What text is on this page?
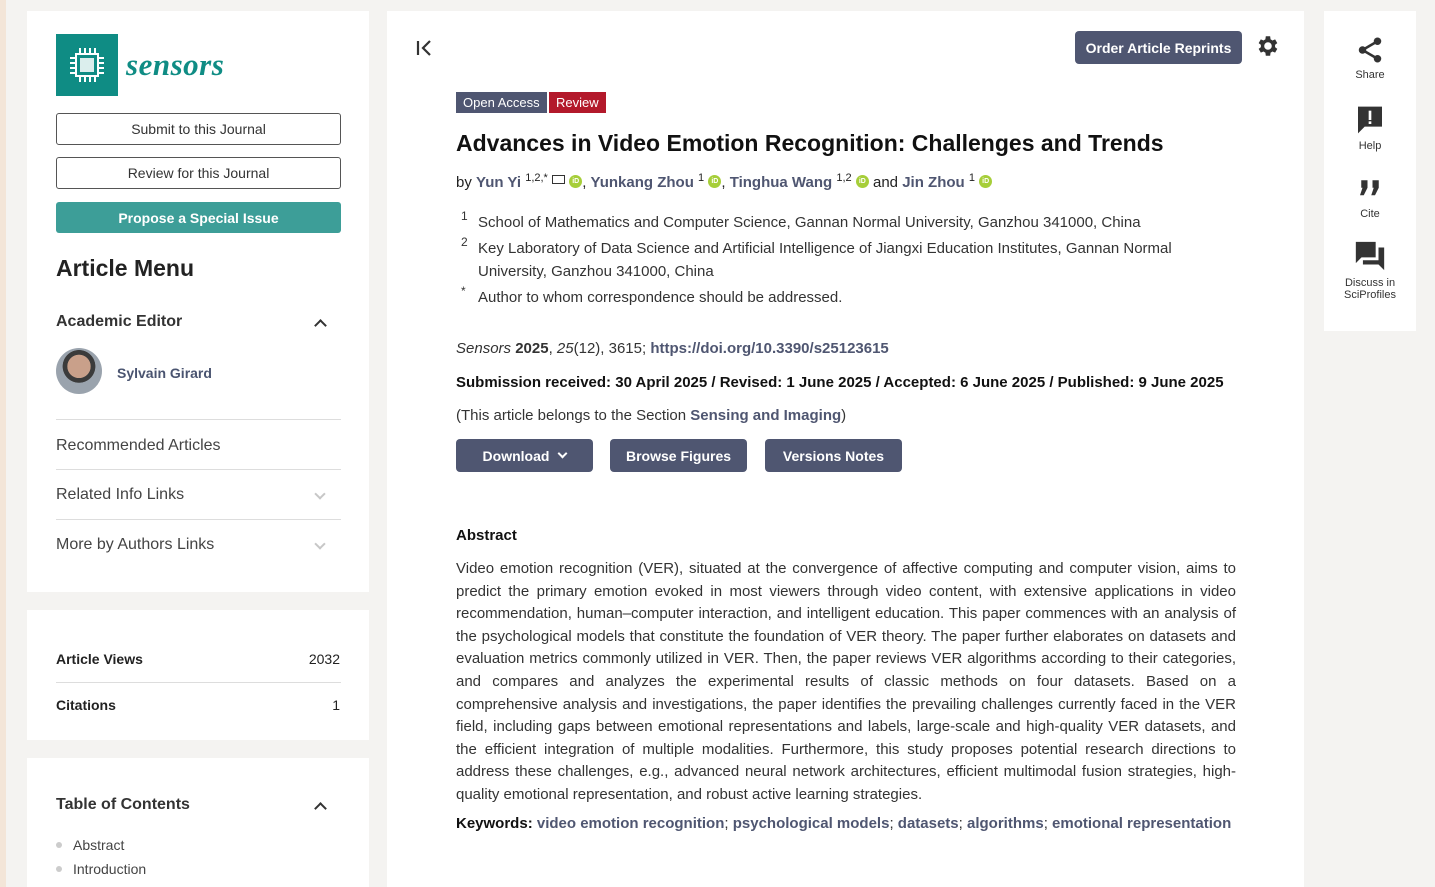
sensors
Submit to this Journal
Review for this Journal
Propose a Special Issue
Article Menu
Academic Editor
Sylvain Girard
Recommended Articles
Related Info Links
More by Authors Links
Article Views	2032
Citations	1
Table of Contents
Abstract
Introduction
Order Article Reprints
Open Access	Review
Advances in Video Emotion Recognition: Challenges and Trends
by Yun Yi $^{1,2,*}$	iD , Yunkang Zhou $^1$ iD , Tinghua Wang $^{1,2}$ iD and Jin Zhou $^1$ iD
1 School of Mathematics and Computer Science, Gannan Normal University, Ganzhou 341000, China
2 Key Laboratory of Data Science and Artificial Intelligence of Jiangxi Education Institutes, Gannan Normal University, Ganzhou 341000, China
* Author to whom correspondence should be addressed.
Sensors 2025, 25(12), 3615; https://doi.org/10.3390/s25123615
Submission received: 30 April 2025 / Revised: 1 June 2025 / Accepted: 6 June 2025 / Published: 9 June 2025
(This article belongs to the Section Sensing and Imaging)
Download	Browse Figures	Versions Notes
Abstract
Video emotion recognition (VER), situated at the convergence of affective computing and computer vision, aims to predict the primary emotion evoked in most viewers through video content, with extensive applications in video recommendation, human–computer interaction, and intelligent education. This paper commences with an analysis of the psychological models that constitute the foundation of VER theory. The paper further elaborates on datasets and evaluation metrics commonly utilized in VER. Then, the paper reviews VER algorithms according to their categories, and compares and analyzes the experimental results of classic methods on four datasets. Based on a comprehensive analysis and investigations, the paper identifies the prevailing challenges currently faced in the VER field, including gaps between emotional representations and labels, large-scale and high-quality VER datasets, and the efficient integration of multiple modalities. Furthermore, this study proposes potential research directions to address these challenges, e.g., advanced neural network architectures, efficient multimodal fusion strategies, high-quality emotional representation, and robust active learning strategies.
Keywords: video emotion recognition; psychological models; datasets; algorithms; emotional representation
Share
Help
Cite
Discuss in
SciProfiles
